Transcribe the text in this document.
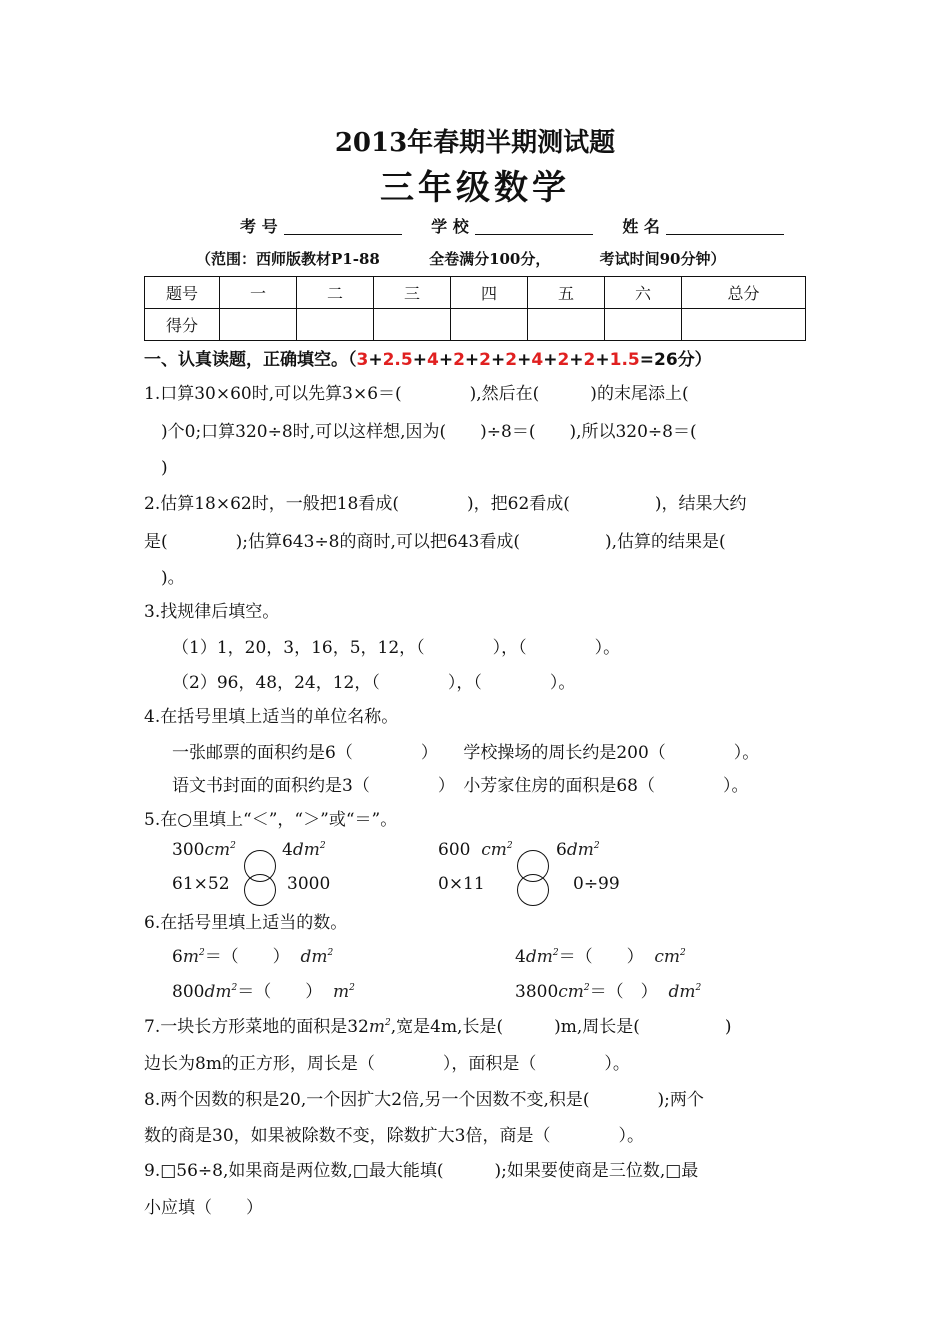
2013年春期半期测试题
三年级数学
考 号	学 校	姓 名
（范围：西师版教材P1-88	全卷满分100分，	考试时间90分钟）
题号	一	二	三	四	五	六	总分
得分							
一、认真读题，正确填空。（3+2.5+4+2+2+2+4+2+2+1.5=26分）
1.口算30×60时,可以先算3×6＝(　　　　),然后在(　　　)的末尾添上(
　)个0;口算320÷8时,可以这样想,因为(　　)÷8＝(　　),所以320÷8＝(
　)
2.估算18×62时，一般把18看成(　　　　)，把62看成(　　　　　)，结果大约
是(　　　　);估算643÷8的商时,可以把643看成(　　　　　),估算的结果是(
　)。
3.找规律后填空。
（1）1，20，3，16，5，12，（　　　　），（　　　　）。
（2）96，48，24，12，（　　　　），（　　　　）。
4.在括号里填上适当的单位名称。
一张邮票的面积约是6（　　　　）　　学校操场的周长约是200（　　　　）。
语文书封面的面积约是3（　　　　）　小芳家住房的面积是68（　　　　）。
5.在○里填上“＜”，“＞”或“＝”。
$300cm^2$	$4dm^2$	600 $cm^2$	$6dm^2$
61×52	3000	0×11	0÷99
6.在括号里填上适当的数。
$6m^2=$（　　） $dm^2$	$4dm^2=$（　　） $cm^2$
$800dm^2=$（　　） $m^2$	$3800cm^2=$（　） $dm^2$
7.一块长方形菜地的面积是$32m^2$,宽是4m,长是(　　　)m,周长是(　　　　　)
边长为8m的正方形，周长是（　　　　），面积是（　　　　）。
8.两个因数的积是20,一个因扩大2倍,另一个因数不变,积是(　　　　);两个
数的商是30，如果被除数不变，除数扩大3倍，商是（　　　　）。
9.□56÷8,如果商是两位数,□最大能填(　　　);如果要使商是三位数,□最
小应填（　　）
